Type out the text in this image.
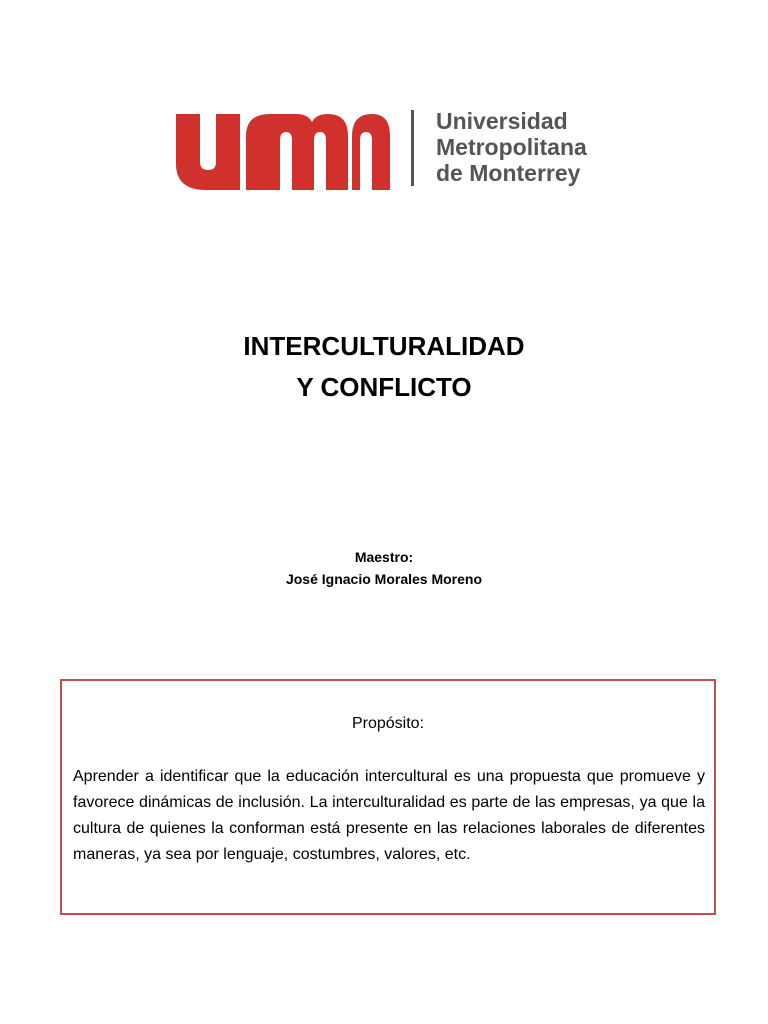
Universidad
Metropolitana
de Monterrey
INTERCULTURALIDAD
Y CONFLICTO
Maestro:
José Ignacio Morales Moreno
Propósito:
Aprender a identificar que la educación intercultural es una propuesta que promueve y favorece dinámicas de inclusión. La interculturalidad es parte de las empresas, ya que la cultura de quienes la conforman está presente en las relaciones laborales de diferentes maneras, ya sea por lenguaje, costumbres, valores, etc.
